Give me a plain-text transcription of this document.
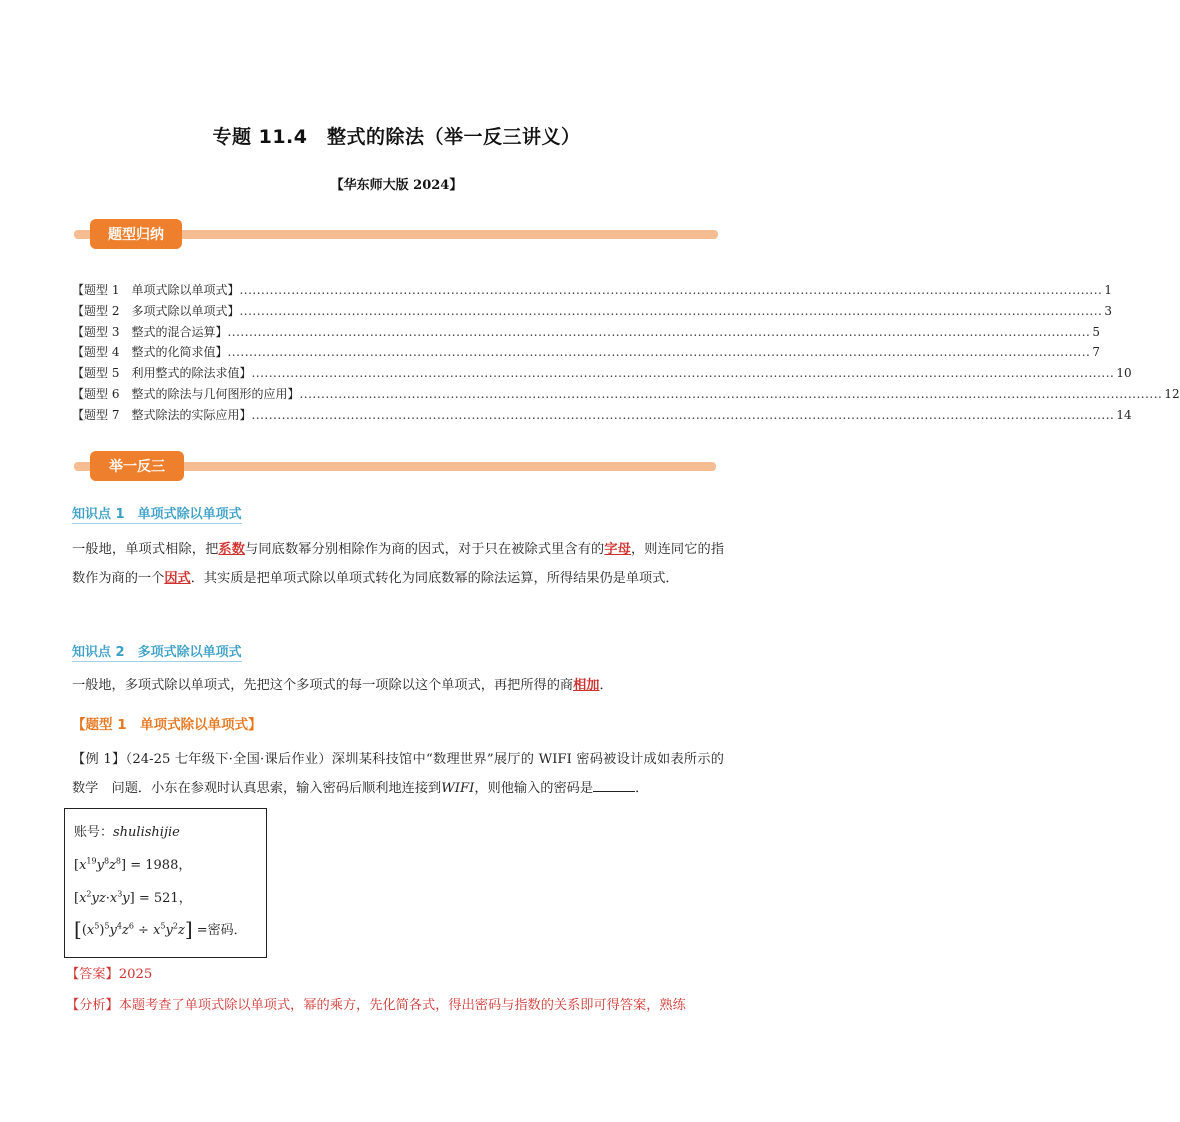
专题 11.4　整式的除法（举一反三讲义）
【华东师大版 2024】
题型归纳
【题型 1　单项式除以单项式】 ........................................................................................................................................................................................................ 1
【题型 2　多项式除以单项式】 ........................................................................................................................................................................................................ 3
【题型 3　整式的混合运算】 ........................................................................................................................................................................................................ 5
【题型 4　整式的化简求值】 ........................................................................................................................................................................................................ 7
【题型 5　利用整式的除法求值】 ........................................................................................................................................................................................................ 10
【题型 6　整式的除法与几何图形的应用】 ........................................................................................................................................................................................................ 12
【题型 7　整式除法的实际应用】 ........................................................................................................................................................................................................ 14
举一反三
知识点 1　单项式除以单项式
一般地，单项式相除，把系数与同底数幂分别相除作为商的因式，对于只在被除式里含有的字母，则连同它的指数作为商的一个因式．其实质是把单项式除以单项式转化为同底数幂的除法运算，所得结果仍是单项式．
知识点 2　多项式除以单项式
一般地，多项式除以单项式，先把这个多项式的每一项除以这个单项式，再把所得的商相加．
【题型 1　单项式除以单项式】
【例 1】（24-25 七年级下·全国·课后作业）深圳某科技馆中“数理世界”展厅的 WIFI 密码被设计成如表所示的数学　问题．小东在参观时认真思索，输入密码后顺利地连接到WIFI，则他输入的密码是	．
账号：shulishijie
$[x^{19}y^8z^8] = 1988$，
$[x^2yz\cdot x^3y] = 521$，
$[(x^5)^5y^4z^6 \div x^5y^2z]$ =密码．
【答案】2025
【分析】本题考查了单项式除以单项式，幂的乘方，先化简各式，得出密码与指数的关系即可得答案，熟练
